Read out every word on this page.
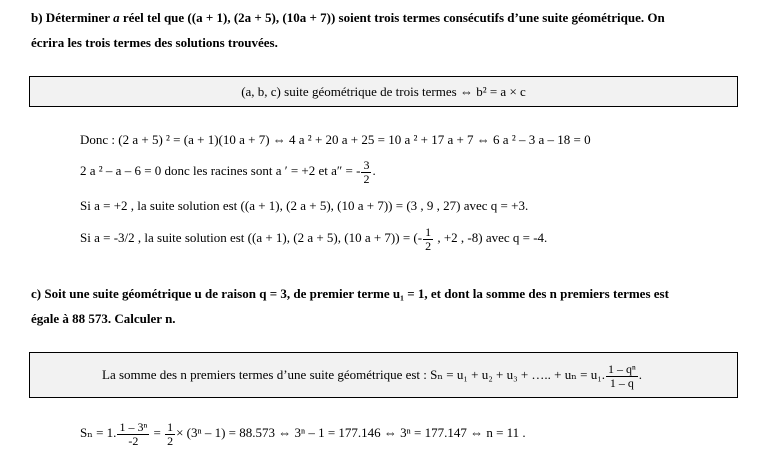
b) Déterminer a réel tel que ((a + 1), (2a + 5), (10a + 7)) soient trois termes consécutifs d’une suite géométrique. On
écrira les trois termes des solutions trouvées.
(a, b, c) suite géométrique de trois termes ⇔ b² = a × c
Donc : (2 a + 5) ² = (a + 1)(10 a + 7) ⇔ 4 a ² + 20 a + 25 = 10 a ² + 17 a + 7 ⇔ 6 a ² – 3 a – 18 = 0
2 a ² – a – 6 = 0 donc les racines sont a ′ = +2 et a″ = - $\frac{3}{2}$ .
Si a = +2 , la suite solution est ((a + 1), (2 a + 5), (10 a + 7)) = (3 , 9 , 27) avec q = +3.
Si a = -3/2 , la suite solution est ((a + 1), (2 a + 5), (10 a + 7)) = (- $\frac{1}{2}$ , +2 , -8) avec q = -4.
c) Soit une suite géométrique u de raison q = 3, de premier terme u₁ = 1, et dont la somme des n premiers termes est
égale à 88 573. Calculer n.
La somme des n premiers termes d’une suite géométrique est : Sₙ = u₁ + u₂ + u₃ + ….. + uₙ = u₁. $\frac{\text{1 – qⁿ}}{1 - q}$ .
Sₙ = 1. $\frac{\text{1 – 3ⁿ}}{-2} = \frac{1}{2} \times (3^n - 1) = 88.573$ ⇔ 3ⁿ – 1 = 177.146 ⇔ 3ⁿ = 177.147 ⇔ n = 11 .
